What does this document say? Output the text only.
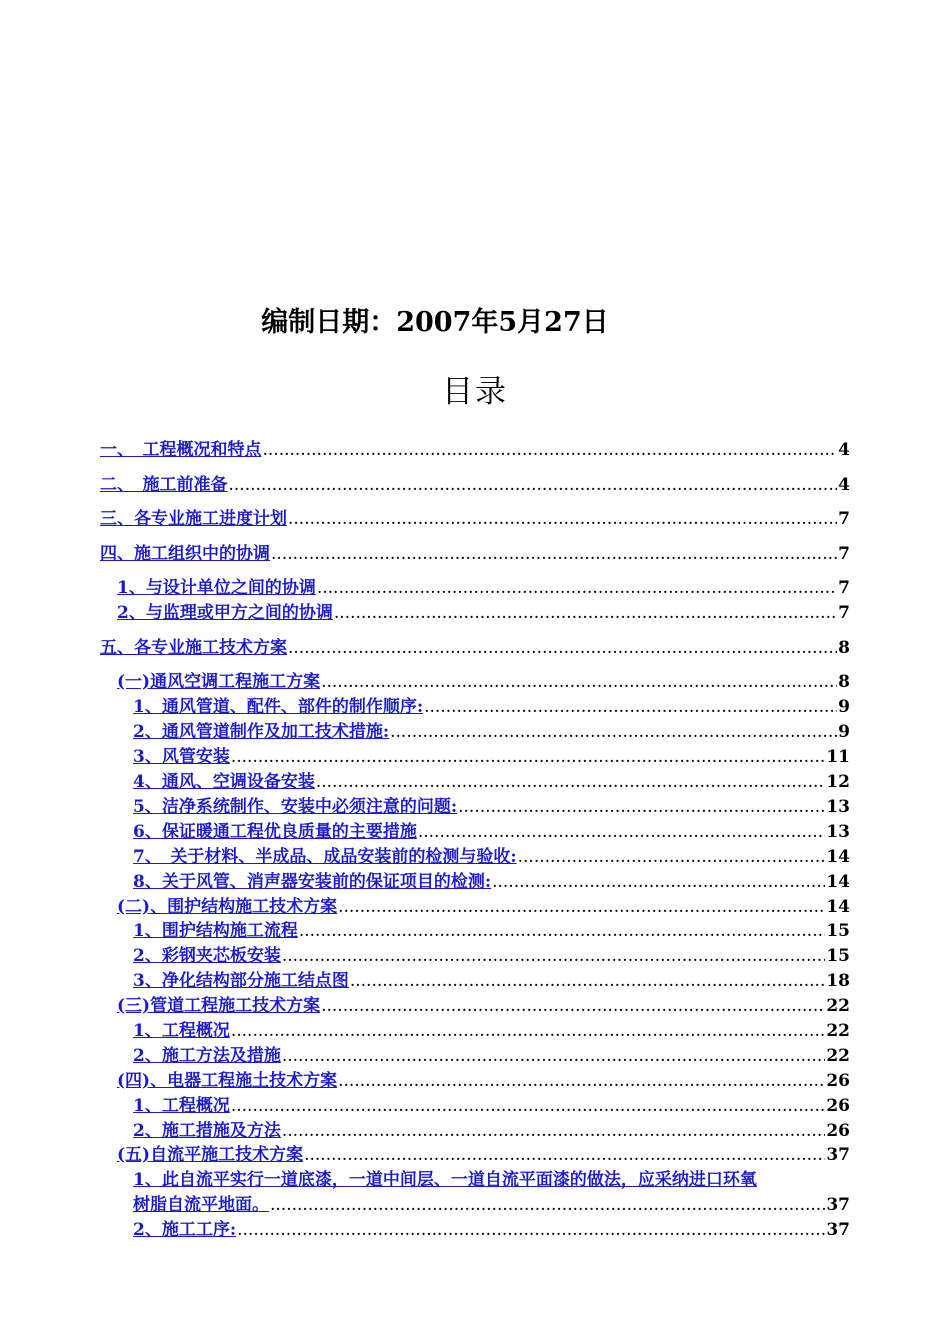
编制日期：2007年5月27日
目录
一、　工程概况和特点 .....	4
二、　施工前准备 .....	4
三、各专业施工进度计划 .....	7
四、施工组织中的协调 .....	7
1、与设计单位之间的协调 .....	7
2、与监理或甲方之间的协调 .....	7
五、各专业施工技术方案 .....	8
(一)通风空调工程施工方案 .....	8
1、通风管道、配件、部件的制作顺序: .....	9
2、通风管道制作及加工技术措施: .....	9
3、风管安装 .....	11
4、通风、空调设备安装 .....	12
5、洁净系统制作、安装中必须注意的问题: .....	13
6、保证暖通工程优良质量的主要措施 .....	13
7、　关于材料、半成品、成品安装前的检测与验收: .....	14
8、关于风管、消声器安装前的保证项目的检测: .....	14
(二)、围护结构施工技术方案 .....	14
1、围护结构施工流程 .....	15
2、彩钢夹芯板安装 .....	15
3、净化结构部分施工结点图 .....	18
(三)管道工程施工技术方案 .....	22
1、工程概况 .....	22
2、施工方法及措施 .....	22
(四)、电器工程施土技术方案 .....	26
1、工程概况 .....	26
2、施工措施及方法 .....	26
(五)自流平施工技术方案 .....	37
1、此自流平实行一道底漆，一道中间层、一道自流平面漆的做法，应采纳进口环氧
树脂自流平地面。 .....	37
2、施工工序: .....	37
